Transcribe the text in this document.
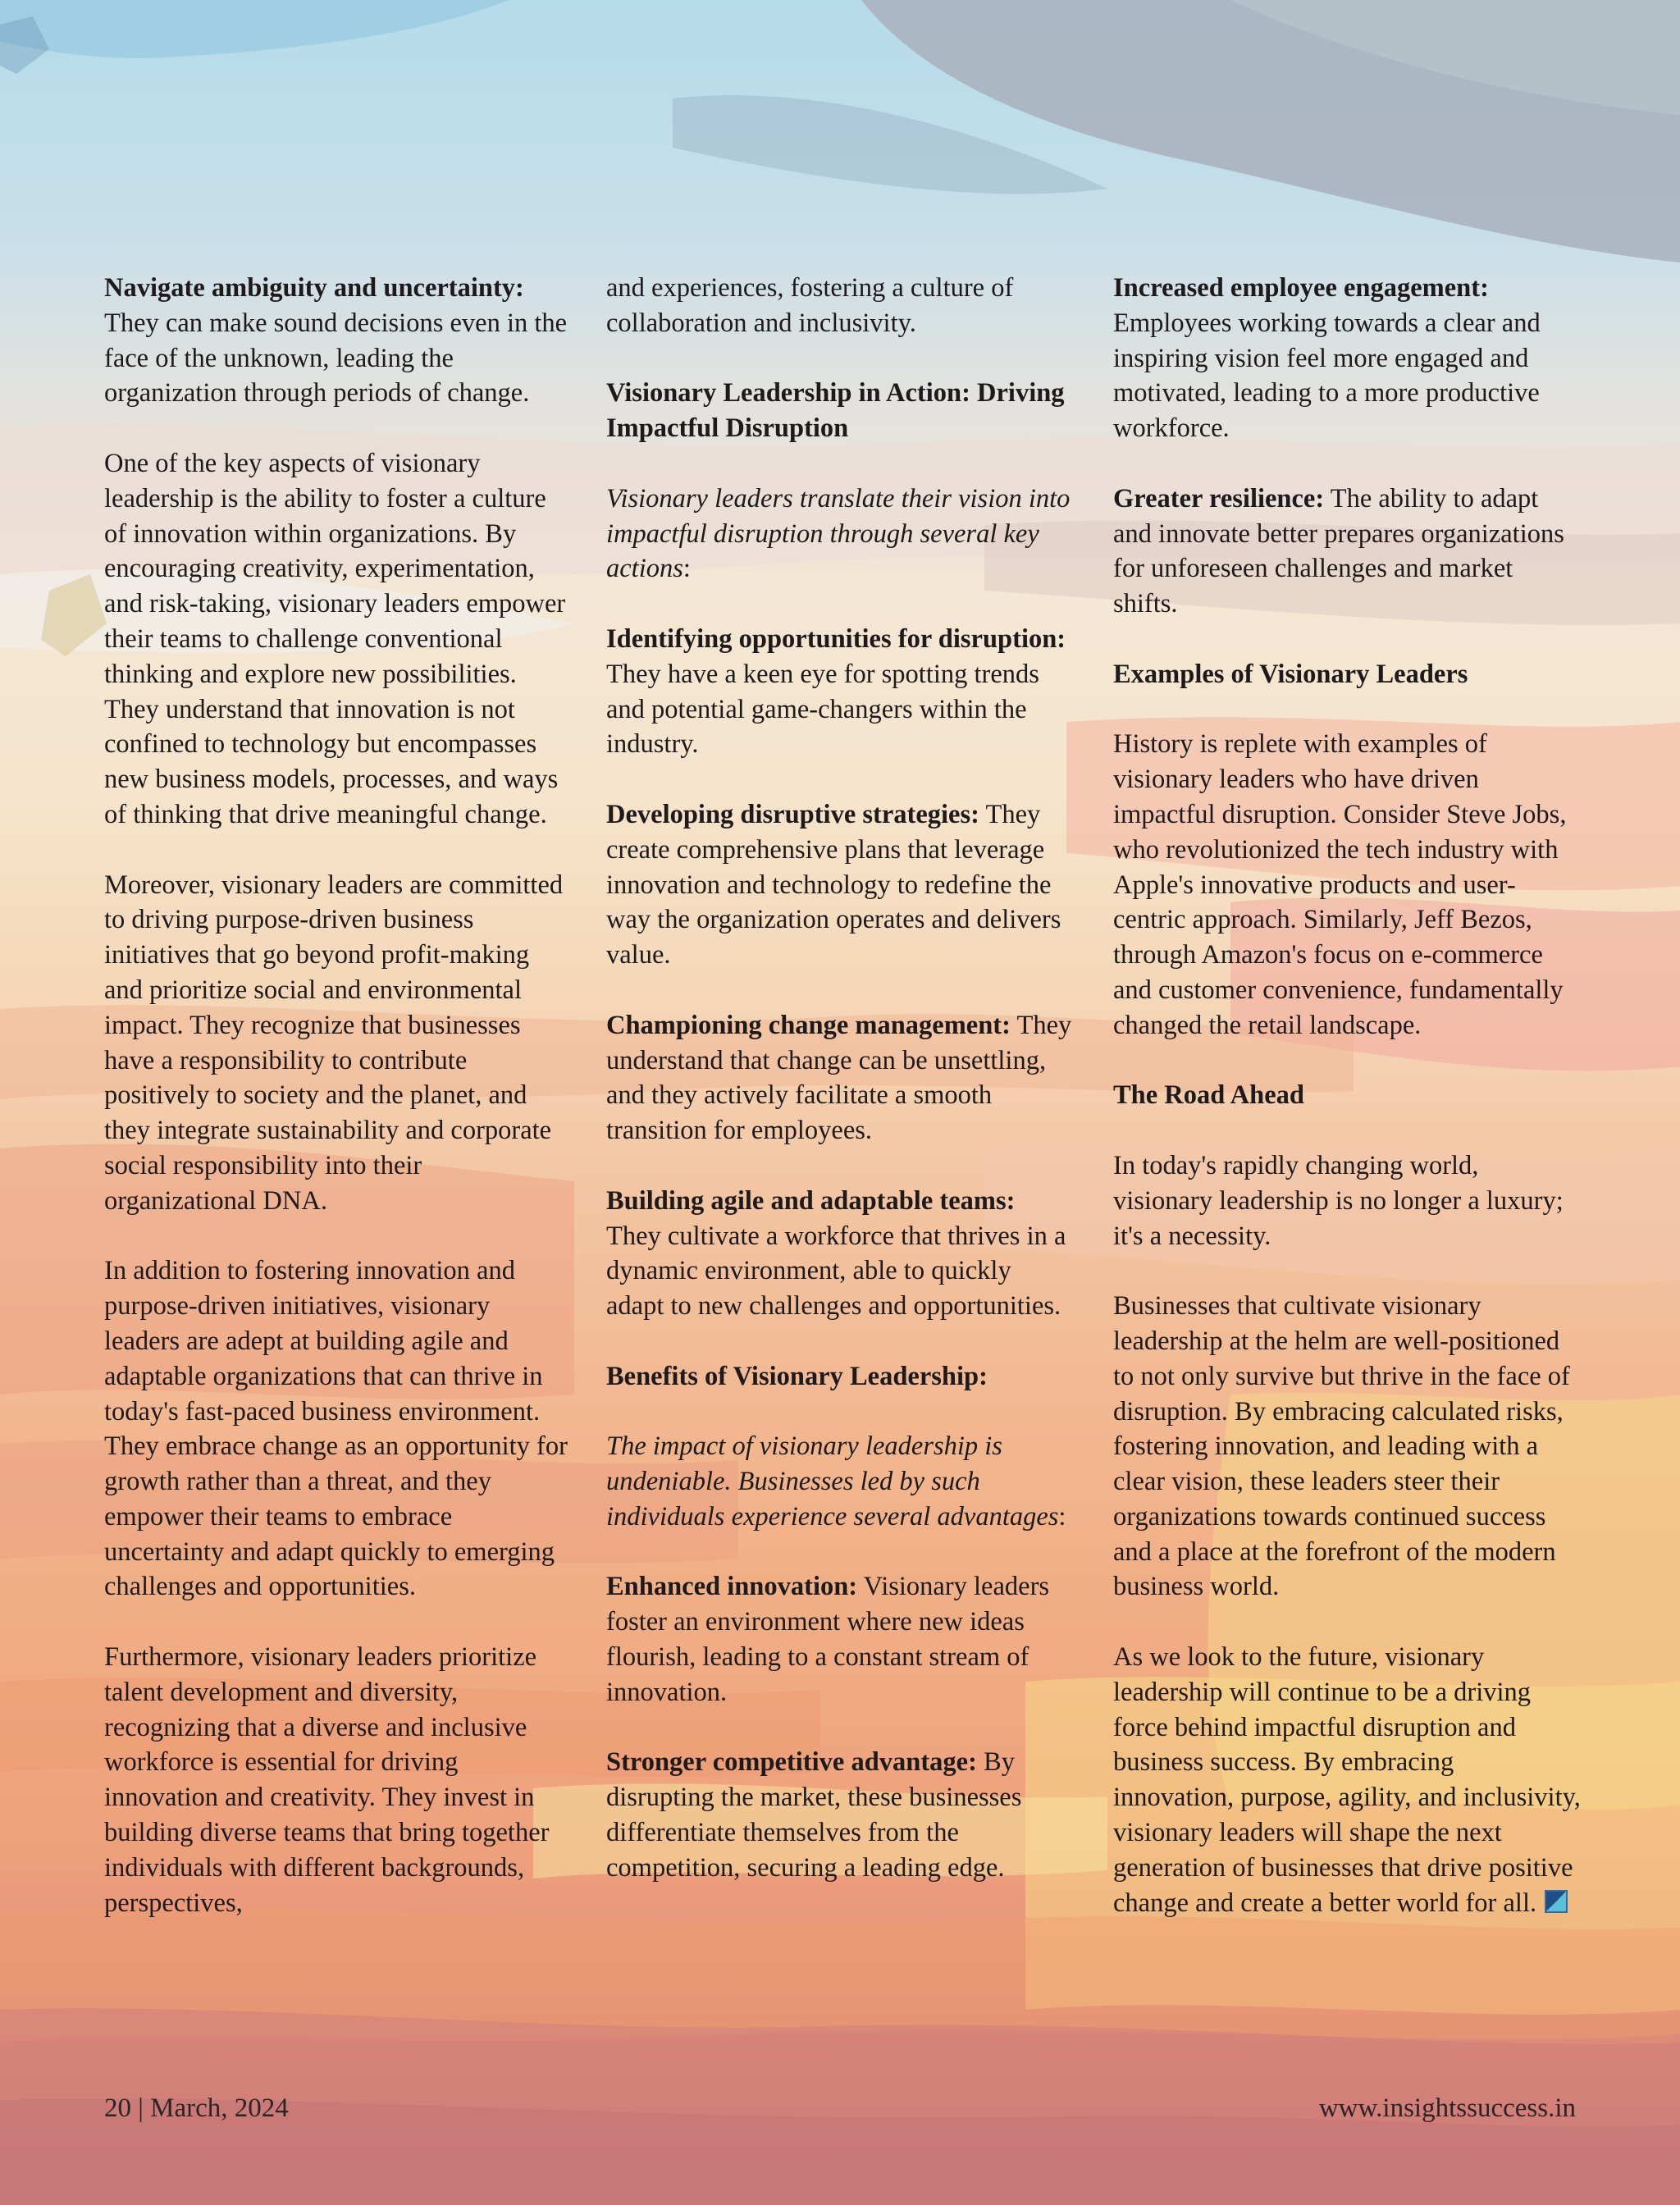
Navigate ambiguity and uncertainty: They can make sound decisions even in the face of the unknown, leading the organization through periods of change.

One of the key aspects of visionary leadership is the ability to foster a culture of innovation within organizations. By encouraging creativity, experimentation, and risk-taking, visionary leaders empower their teams to challenge conventional thinking and explore new possibilities. They understand that innovation is not confined to technology but encompasses new business models, processes, and ways of thinking that drive meaningful change.

Moreover, visionary leaders are committed to driving purpose-driven business initiatives that go beyond profit-making and prioritize social and environmental impact. They recognize that businesses have a responsibility to contribute positively to society and the planet, and they integrate sustainability and corporate social responsibility into their organizational DNA.

In addition to fostering innovation and purpose-driven initiatives, visionary leaders are adept at building agile and adaptable organizations that can thrive in today's fast-paced business environment. They embrace change as an opportunity for growth rather than a threat, and they empower their teams to embrace uncertainty and adapt quickly to emerging challenges and opportunities.

Furthermore, visionary leaders prioritize talent development and diversity, recognizing that a diverse and inclusive workforce is essential for driving innovation and creativity. They invest in building diverse teams that bring together individuals with different backgrounds, perspectives,

and experiences, fostering a culture of collaboration and inclusivity.

Visionary Leadership in Action: Driving Impactful Disruption

Visionary leaders translate their vision into impactful disruption through several key actions:

Identifying opportunities for disruption: They have a keen eye for spotting trends and potential game-changers within the industry.

Developing disruptive strategies: They create comprehensive plans that leverage innovation and technology to redefine the way the organization operates and delivers value.

Championing change management: They understand that change can be unsettling, and they actively facilitate a smooth transition for employees.

Building agile and adaptable teams: They cultivate a workforce that thrives in a dynamic environment, able to quickly adapt to new challenges and opportunities.

Benefits of Visionary Leadership:

The impact of visionary leadership is undeniable. Businesses led by such individuals experience several advantages:

Enhanced innovation: Visionary leaders foster an environment where new ideas flourish, leading to a constant stream of innovation.

Stronger competitive advantage: By disrupting the market, these businesses differentiate themselves from the competition, securing a leading edge.

Increased employee engagement: Employees working towards a clear and inspiring vision feel more engaged and motivated, leading to a more productive workforce.

Greater resilience: The ability to adapt and innovate better prepares organizations for unforeseen challenges and market shifts.

Examples of Visionary Leaders

History is replete with examples of visionary leaders who have driven impactful disruption. Consider Steve Jobs, who revolutionized the tech industry with Apple's innovative products and user-centric approach. Similarly, Jeff Bezos, through Amazon's focus on e-commerce and customer convenience, fundamentally changed the retail landscape.

The Road Ahead

In today's rapidly changing world, visionary leadership is no longer a luxury; it's a necessity.

Businesses that cultivate visionary leadership at the helm are well-positioned to not only survive but thrive in the face of disruption. By embracing calculated risks, fostering innovation, and leading with a clear vision, these leaders steer their organizations towards continued success and a place at the forefront of the modern business world.

As we look to the future, visionary leadership will continue to be a driving force behind impactful disruption and business success. By embracing innovation, purpose, agility, and inclusivity, visionary leaders will shape the next generation of businesses that drive positive change and create a better world for all.

20 | March, 2024	www.insightssuccess.in
